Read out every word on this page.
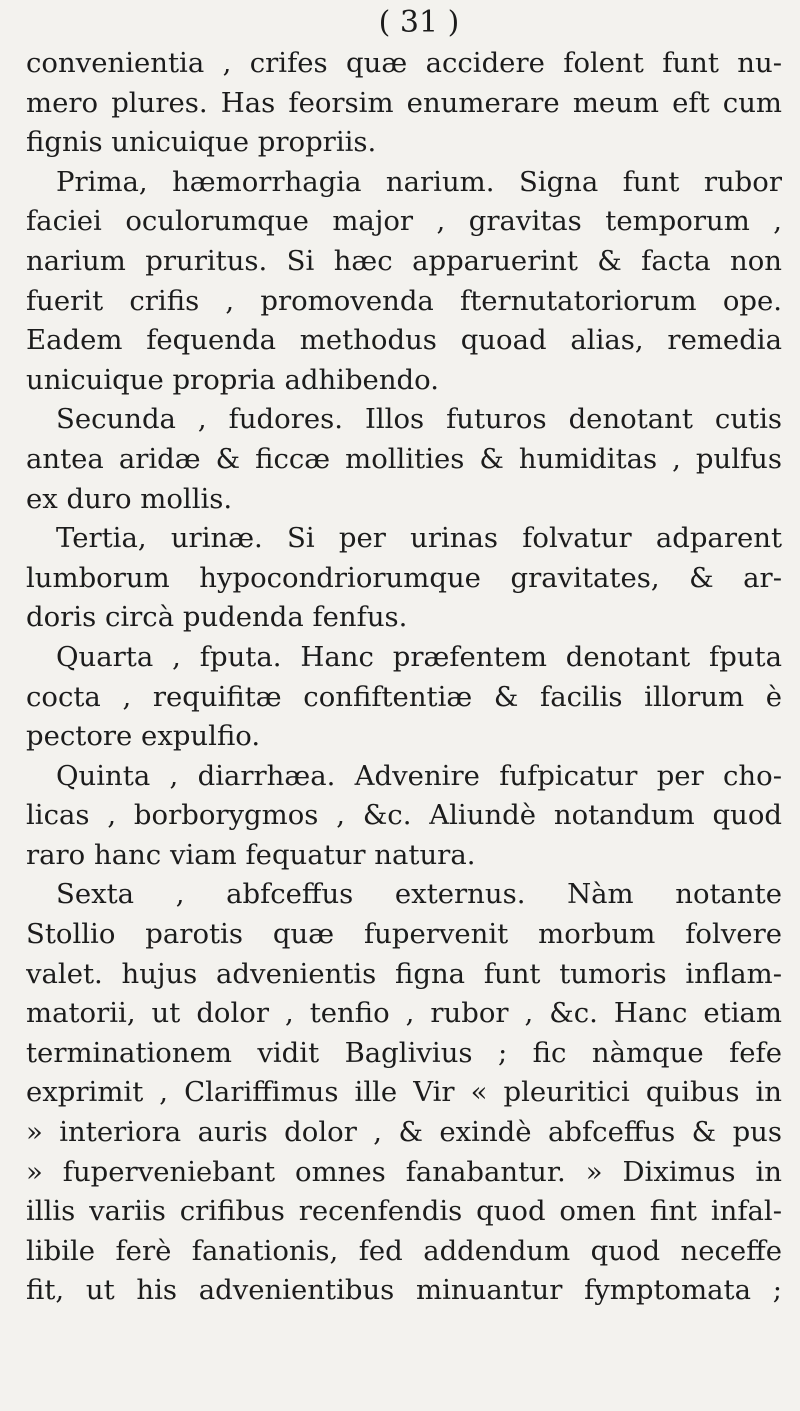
( 31 )
convenientia , crifes quæ accidere folent funt nu-
mero plures. Has feorsim enumerare meum eft cum
fignis unicuique propriis.
Prima, hæmorrhagia narium. Signa funt rubor
faciei oculorumque major , gravitas temporum ,
narium pruritus. Si hæc apparuerint & facta non
fuerit crifis , promovenda fternutatoriorum ope.
Eadem fequenda methodus quoad alias, remedia
unicuique propria adhibendo.
Secunda , fudores. Illos futuros denotant cutis
antea aridæ & ficcæ mollities & humiditas , pulfus
ex duro mollis.
Tertia, urinæ. Si per urinas folvatur adparent
lumborum hypocondriorumque gravitates, & ar-
doris circà pudenda fenfus.
Quarta , fputa. Hanc præfentem denotant fputa
cocta , requifitæ confiftentiæ & facilis illorum è
pectore expulfio.
Quinta , diarrhæa. Advenire fufpicatur per cho-
licas , borborygmos , &c. Aliundè notandum quod
raro hanc viam fequatur natura.
Sexta , abfceffus externus. Nàm notante
Stollio parotis quæ fupervenit morbum folvere
valet. hujus advenientis figna funt tumoris inflam-
matorii, ut dolor , tenfio , rubor , &c. Hanc etiam
terminationem vidit Baglivius ; fic nàmque fefe
exprimit , Clariffimus ille Vir « pleuritici quibus in
» interiora auris dolor , & exindè abfceffus & pus
» fuperveniebant omnes fanabantur. » Diximus in
illis variis crifibus recenfendis quod omen fint infal-
libile ferè fanationis, fed addendum quod neceffe
fit, ut his advenientibus minuantur fymptomata ;
